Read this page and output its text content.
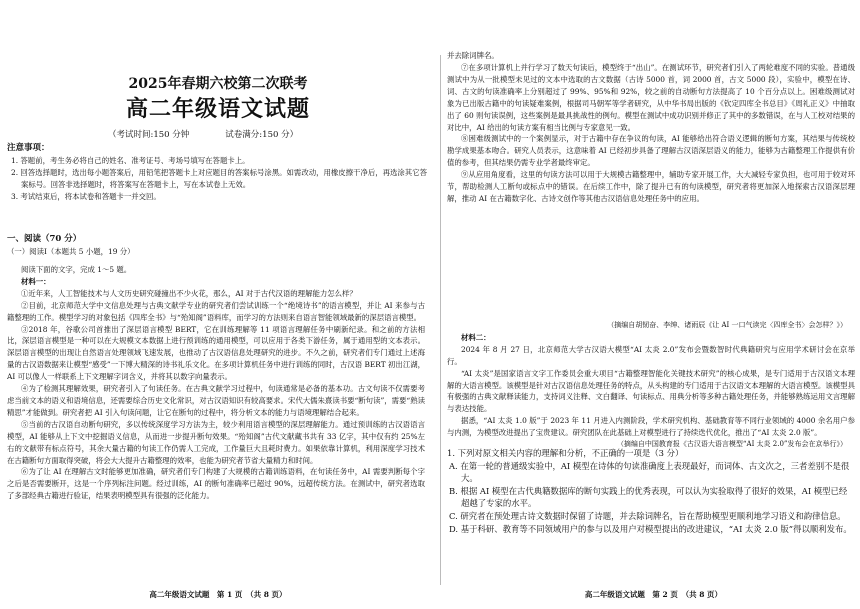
2025年春期六校第二次联考
高二年级语文试题
（考试时间:150 分钟	试卷满分:150 分）
注意事项：
1. 答题前，考生务必将自己的姓名、准考证号、考场号填写在答题卡上。
2. 回答选择题时，选出每小题答案后，用铅笔把答题卡上对应题目的答案标号涂黑。如需改动，用橡皮擦干净后，再选涂其它答案标号。回答非选择题时，将答案写在答题卡上，写在本试卷上无效。
3. 考试结束后，将本试卷和答题卡一并交回。
一、阅读（70 分）
（一）阅读Ⅰ（本题共 5 小题，19 分）
阅读下面的文字，完成 1～5 题。
材料一：

①近年来，人工智能技术与人文历史研究碰撞出不少火花，那么，AI 对于古代汉语的理解能力怎么样？

②目前，北京师范大学中文信息处理与古典文献学专业的研究者们尝试训练一个“绝境诗书”的语言模型，并让 AI 来参与古籍整理的工作。模型学习的对象包括《四库全书》与“殆知阁”语料库，而学习的方法则来自语言智能领域最新的深层语言模型。

③2018 年，谷歌公司首推出了深层语言模型 BERT，它在训练理解等 11 项语言理解任务中刷新纪录。和之前的方法相比，深层语言模型是一种可以在大规模文本数据上进行预训练的通用模型，可以应用于各类下游任务，属于通用型的文本表示。深层语言模型的出现让自然语言处理领域飞速发展，也推动了古汉语信息处理研究的进步。不久之前，研究者们专门通过上述海量的古汉语数据来让模型“感受”一下博大精深的诗书礼乐文化。在多项计算机任务中进行训练的同时，古汉语 BERT 初出江湖，AI 可以像人一样联系上下文理解字词含义，并将其以数字向量表示。

④为了检测其理解效果，研究者引入了句读任务。在古典文献学习过程中，句读通常是必备的基本功。古文句读不仅需要考虑当前文本的语义和语境信息，还需要综合历史文化常识，对古汉语知识有较高要求。宋代大儒朱熹读书要“断句读”，需要“熟读精思”才能做到。研究者把 AI 引入句读问题，让它在断句的过程中，将分析文本的能力与语境理解结合起来。

⑤当前的古汉语自动断句研究，多以传统深度学习方法为主，较少利用语言模型的深层理解能力。通过预训练的古汉语语言模型，AI 能够从上下文中挖掘语义信息，从而进一步提升断句效果。“殆知阁”古代文献藏书共有 33 亿字，其中仅有约 25%左右的文献带有标点符号，其余大量古籍的句读工作仍需人工完成，工作量巨大且耗时费力。如果依靠计算机，利用深度学习技术在古籍断句方面取得突破，将会大大提升古籍整理的效率，也能为研究者节省大量精力和时间。

⑥为了让 AI 在理解古文时能够更加准确，研究者们专门构建了大规模的古籍训练语料，在句读任务中，AI 需要判断每个字之后是否需要断开，这是一个序列标注问题。经过训练，AI 的断句准确率已超过 90%，远超传统方法。在测试中，研究者选取了多部经典古籍进行验证，结果表明模型具有很强的泛化能力。

高二年级语文试题　第 1 页　（共 8 页）
并去除词牌名。

⑦在多项计算机上并行学习了数天句读后，模型终于“出山”。在测试环节，研究者们引入了两轮难度不同的实验。普通级测试中为从一批模型未见过的文本中选取的古文数据（古诗 5000 首，词 2000 首，古文 5000 段），实验中，模型在诗、词、古文的句读准确率上分别超过了 99%、95%和 92%，较之前的自动断句方法提高了 10 个百分点以上。困难级测试对象为已出版古籍中的句读疑难案例，根据司马朝军等学者研究，从中华书局出版的《钦定四库全书总目》《周礼正义》中抽取出了 60 则句读误例，这些案例是最具挑战性的例句。模型在测试中成功识别并修正了其中的多数错误，在与人工校对结果的对比中，AI 给出的句读方案有相当比例与专家意见一致。

⑧困难级测试中的一个案例显示，对于古籍中存在争议的句读，AI 能够给出符合语义逻辑的断句方案，其结果与传统校勘学成果基本吻合。研究人员表示，这意味着 AI 已经初步具备了理解古汉语深层语义的能力，能够为古籍整理工作提供有价值的参考，但其结果仍需专业学者最终审定。

⑨从应用角度看，这里的句读方法可以用于大规模古籍整理中，辅助专家开展工作，大大减轻专家负担，也可用于较对环节，帮助检测人工断句或标点中的错误。在后续工作中，除了提升已有的句读模型，研究者将更加深入地探索古汉语深层理解，推动 AI 在古籍数字化、古诗文创作等其他古汉语信息处理任务中的应用。

（摘编自胡韧奋、李绅、诸雨辰《让 AI 一口气读完〈四库全书〉会怎样？》）
材料二：

2024 年 8 月 27 日，北京师范大学古汉语大模型“AI 太炎 2.0”发布会暨数智时代典籍研究与应用学术研讨会在京举行。

“AI 太炎”是国家语言文字工作委员会重大项目“古籍整理智能化关键技术研究”的核心成果，是专门适用于古汉语文本理解的大语言模型。该模型是针对古汉语信息处理任务的特点，从头构建的专门适用于古汉语文本理解的大语言模型。该模型具有极强的古典文献释读能力，支持词义注释、文白翻译、句读标点、用典分析等多种古籍处理任务，并能够熟练运用文言理解与表达技能。

据悉，“AI 太炎 1.0 版”于 2023 年 11 月进入内测阶段，学术研究机构、基础教育等不同行业领域的 4000 余名用户参与内测，为模型改进提出了宝贵建议。研究团队在此基础上对模型进行了持续迭代优化，推出了“AI 太炎 2.0 版”。

（摘编自中国教育报《古汉语大语言模型“AI 太炎 2.0”发布会在京举行》）
1. 下列对原文相关内容的理解和分析，不正确的一项是（3 分）
A. 在第一轮的普通级实验中，AI 模型在诗体的句读准确度上表现最好，而词体、古文次之，三者差别不是很大。
B. 根据 AI 模型在古代典籍数据库的断句实践上的优秀表现，可以认为实验取得了很好的效果，AI 模型已经超越了专家的水平。
C. 研究者在预处理古诗文数据时保留了诗题，并去除词牌名，旨在帮助模型更顺利地学习语义和韵律信息。
D. 基于科研、教育等不同领域用户的参与以及用户对模型提出的改进建议，“AI 太炎 2.0 版”得以顺利发布。
高二年级语文试题　第 2 页　（共 8 页）
